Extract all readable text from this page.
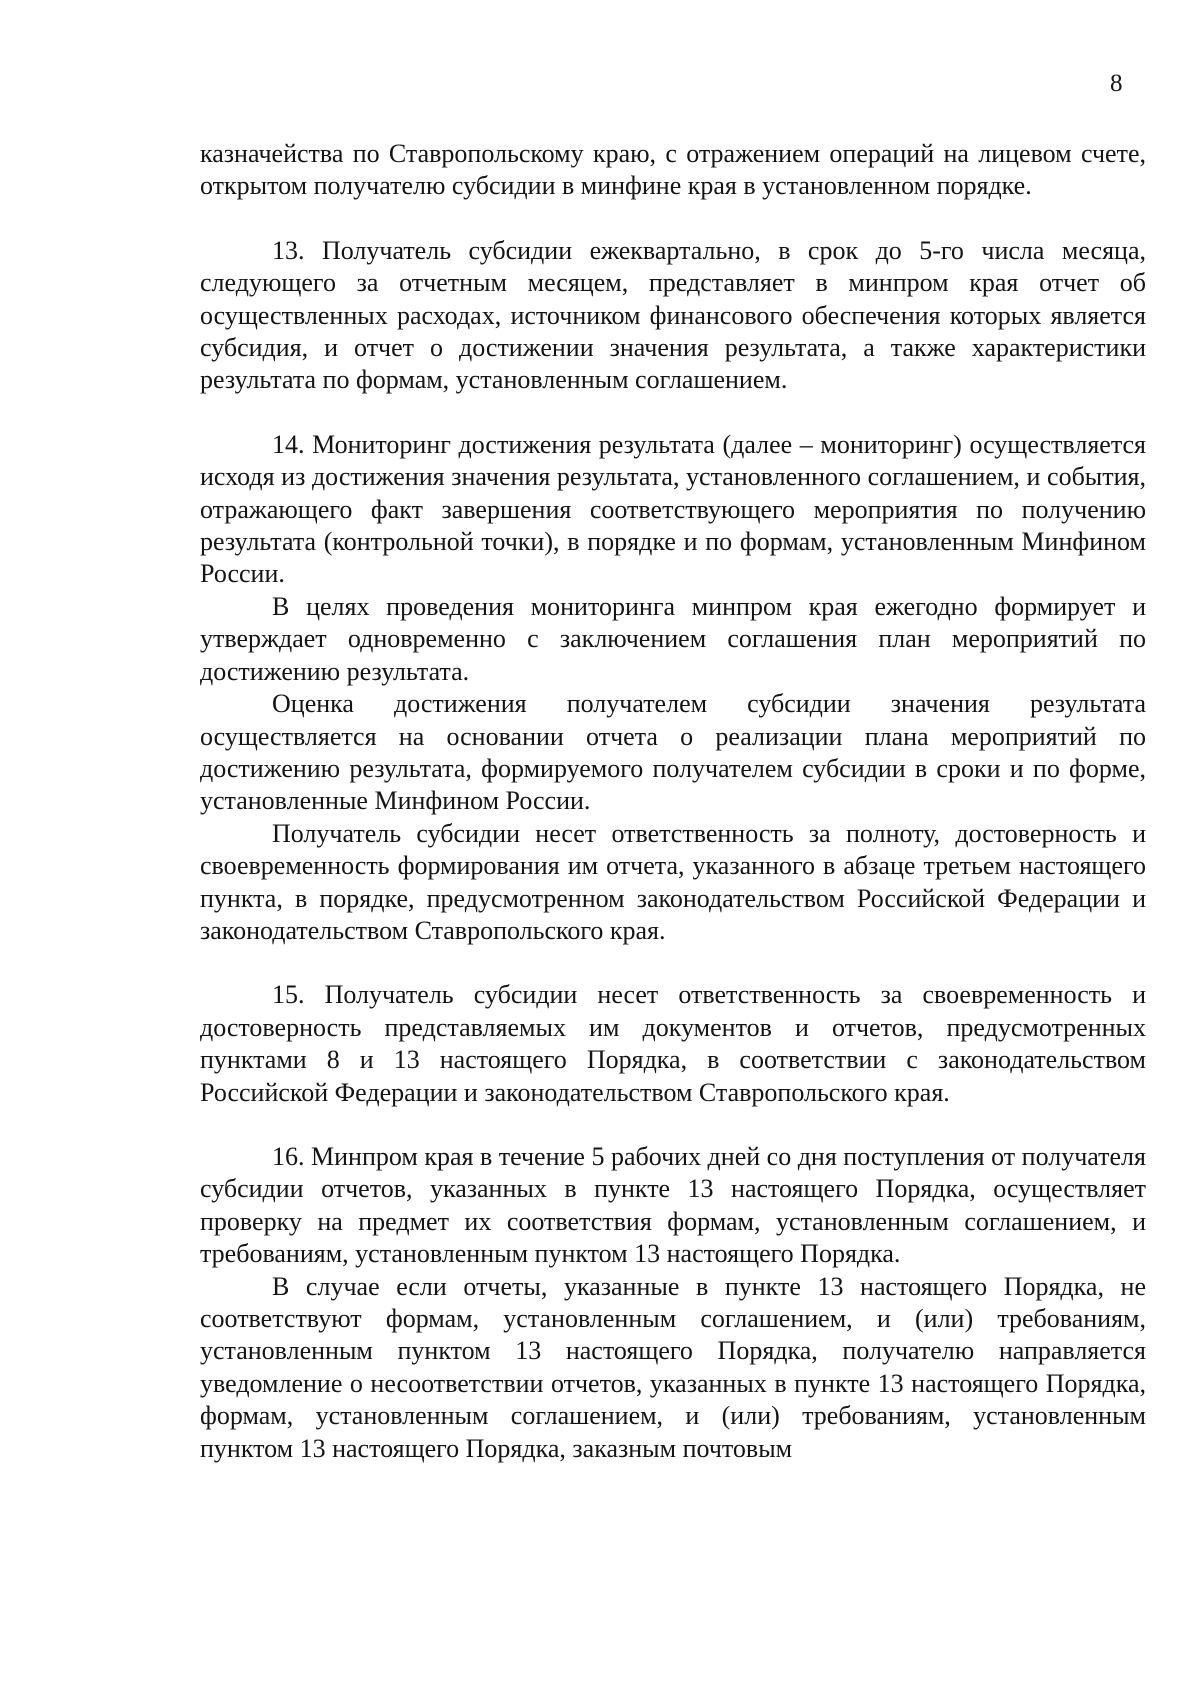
8

казначейства по Ставропольскому краю, с отражением операций на лицевом счете, открытом получателю субсидии в минфине края в установленном порядке.

13. Получатель субсидии ежеквартально, в срок до 5-го числа месяца, следующего за отчетным месяцем, представляет в минпром края отчет об осуществленных расходах, источником финансового обеспечения которых является субсидия, и отчет о достижении значения результата, а также характеристики результата по формам, установленным соглашением.

14. Мониторинг достижения результата (далее – мониторинг) осуществляется исходя из достижения значения результата, установленного соглашением, и события, отражающего факт завершения соответствующего мероприятия по получению результата (контрольной точки), в порядке и по формам, установленным Минфином России.

В целях проведения мониторинга минпром края ежегодно формирует и утверждает одновременно с заключением соглашения план мероприятий по достижению результата.

Оценка достижения получателем субсидии значения результата осуществляется на основании отчета о реализации плана мероприятий по достижению результата, формируемого получателем субсидии в сроки и по форме, установленные Минфином России.

Получатель субсидии несет ответственность за полноту, достоверность и своевременность формирования им отчета, указанного в абзаце третьем настоящего пункта, в порядке, предусмотренном законодательством Российской Федерации и законодательством Ставропольского края.

15. Получатель субсидии несет ответственность за своевременность и достоверность представляемых им документов и отчетов, предусмотренных пунктами 8 и 13 настоящего Порядка, в соответствии с законодательством Российской Федерации и законодательством Ставропольского края.

16. Минпром края в течение 5 рабочих дней со дня поступления от получателя субсидии отчетов, указанных в пункте 13 настоящего Порядка, осуществляет проверку на предмет их соответствия формам, установленным соглашением, и требованиям, установленным пунктом 13 настоящего Порядка.

В случае если отчеты, указанные в пункте 13 настоящего Порядка, не соответствуют формам, установленным соглашением, и (или) требованиям, установленным пунктом 13 настоящего Порядка, получателю направляется уведомление о несоответствии отчетов, указанных в пункте 13 настоящего Порядка, формам, установленным соглашением, и (или) требованиям, установленным пунктом 13 настоящего Порядка, заказным почтовым
